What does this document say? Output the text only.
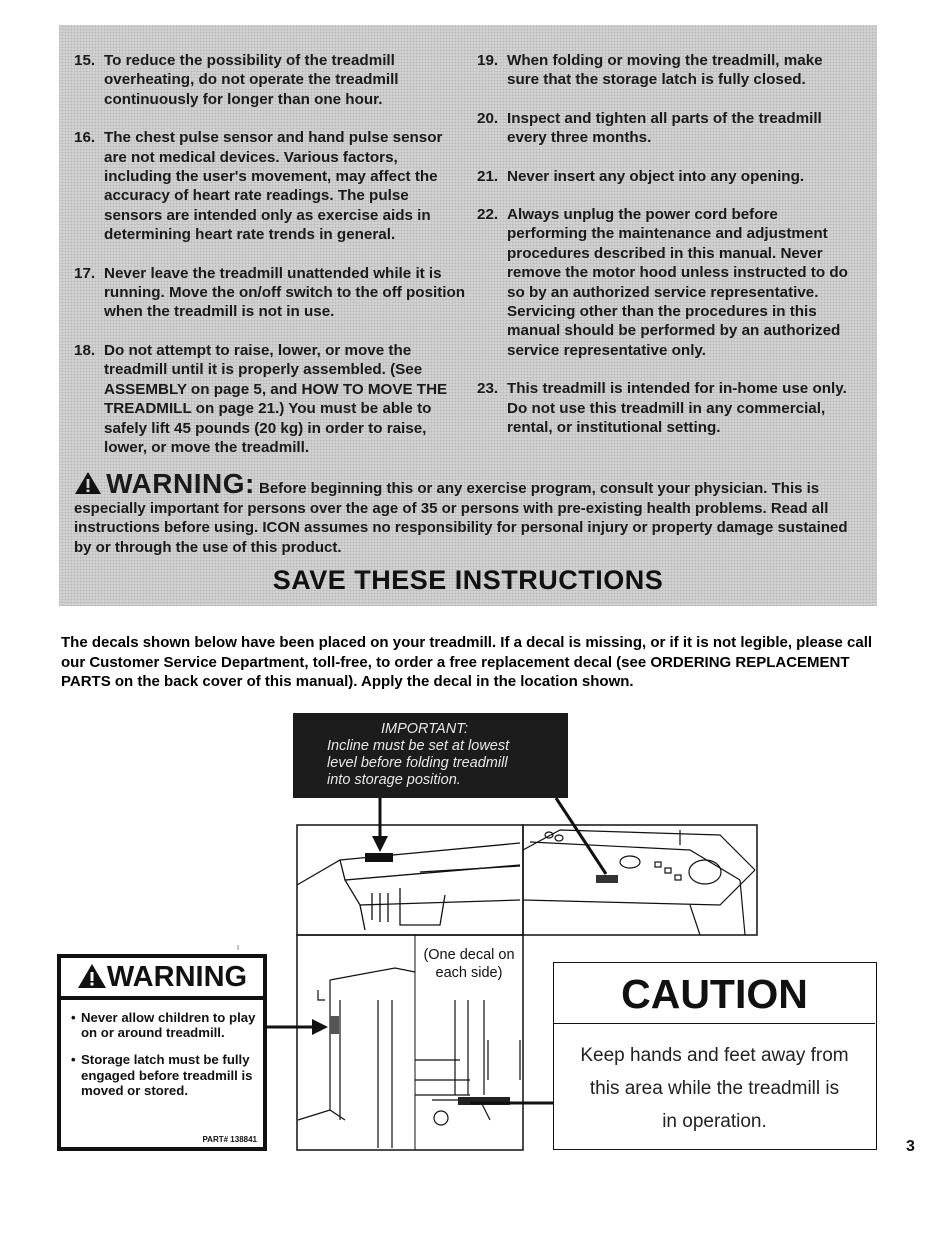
15. To reduce the possibility of the treadmill overheating, do not operate the treadmill continuously for longer than one hour.
16. The chest pulse sensor and hand pulse sensor are not medical devices. Various factors, including the user's movement, may affect the accuracy of heart rate readings. The pulse sensors are intended only as exercise aids in determining heart rate trends in general.
17. Never leave the treadmill unattended while it is running. Move the on/off switch to the off position when the treadmill is not in use.
18. Do not attempt to raise, lower, or move the treadmill until it is properly assembled. (See ASSEMBLY on page 5, and HOW TO MOVE THE TREADMILL on page 21.) You must be able to safely lift 45 pounds (20 kg) in order to raise, lower, or move the treadmill.
19. When folding or moving the treadmill, make sure that the storage latch is fully closed.
20. Inspect and tighten all parts of the treadmill every three months.
21. Never insert any object into any opening.
22. Always unplug the power cord before performing the maintenance and adjustment procedures described in this manual. Never remove the motor hood unless instructed to do so by an authorized service representative. Servicing other than the procedures in this manual should be performed by an authorized service representative only.
23. This treadmill is intended for in-home use only. Do not use this treadmill in any commercial, rental, or institutional setting.
WARNING: Before beginning this or any exercise program, consult your physician. This is especially important for persons over the age of 35 or persons with pre-existing health problems. Read all instructions before using. ICON assumes no responsibility for personal injury or property damage sustained by or through the use of this product.
SAVE THESE INSTRUCTIONS
The decals shown below have been placed on your treadmill. If a decal is missing, or if it is not legible, please call our Customer Service Department, toll-free, to order a free replacement decal (see ORDERING REPLACEMENT PARTS on the back cover of this manual). Apply the decal in the location shown.
IMPORTANT:
Incline must be set at lowest
level before folding treadmill
into storage position.
(One decal on each side)
WARNING
• Never allow children to play on or around treadmill.
• Storage latch must be fully engaged before treadmill is moved or stored.
PART# 138841
CAUTION
Keep hands and feet away from
this area while the treadmill is
in operation.
3
